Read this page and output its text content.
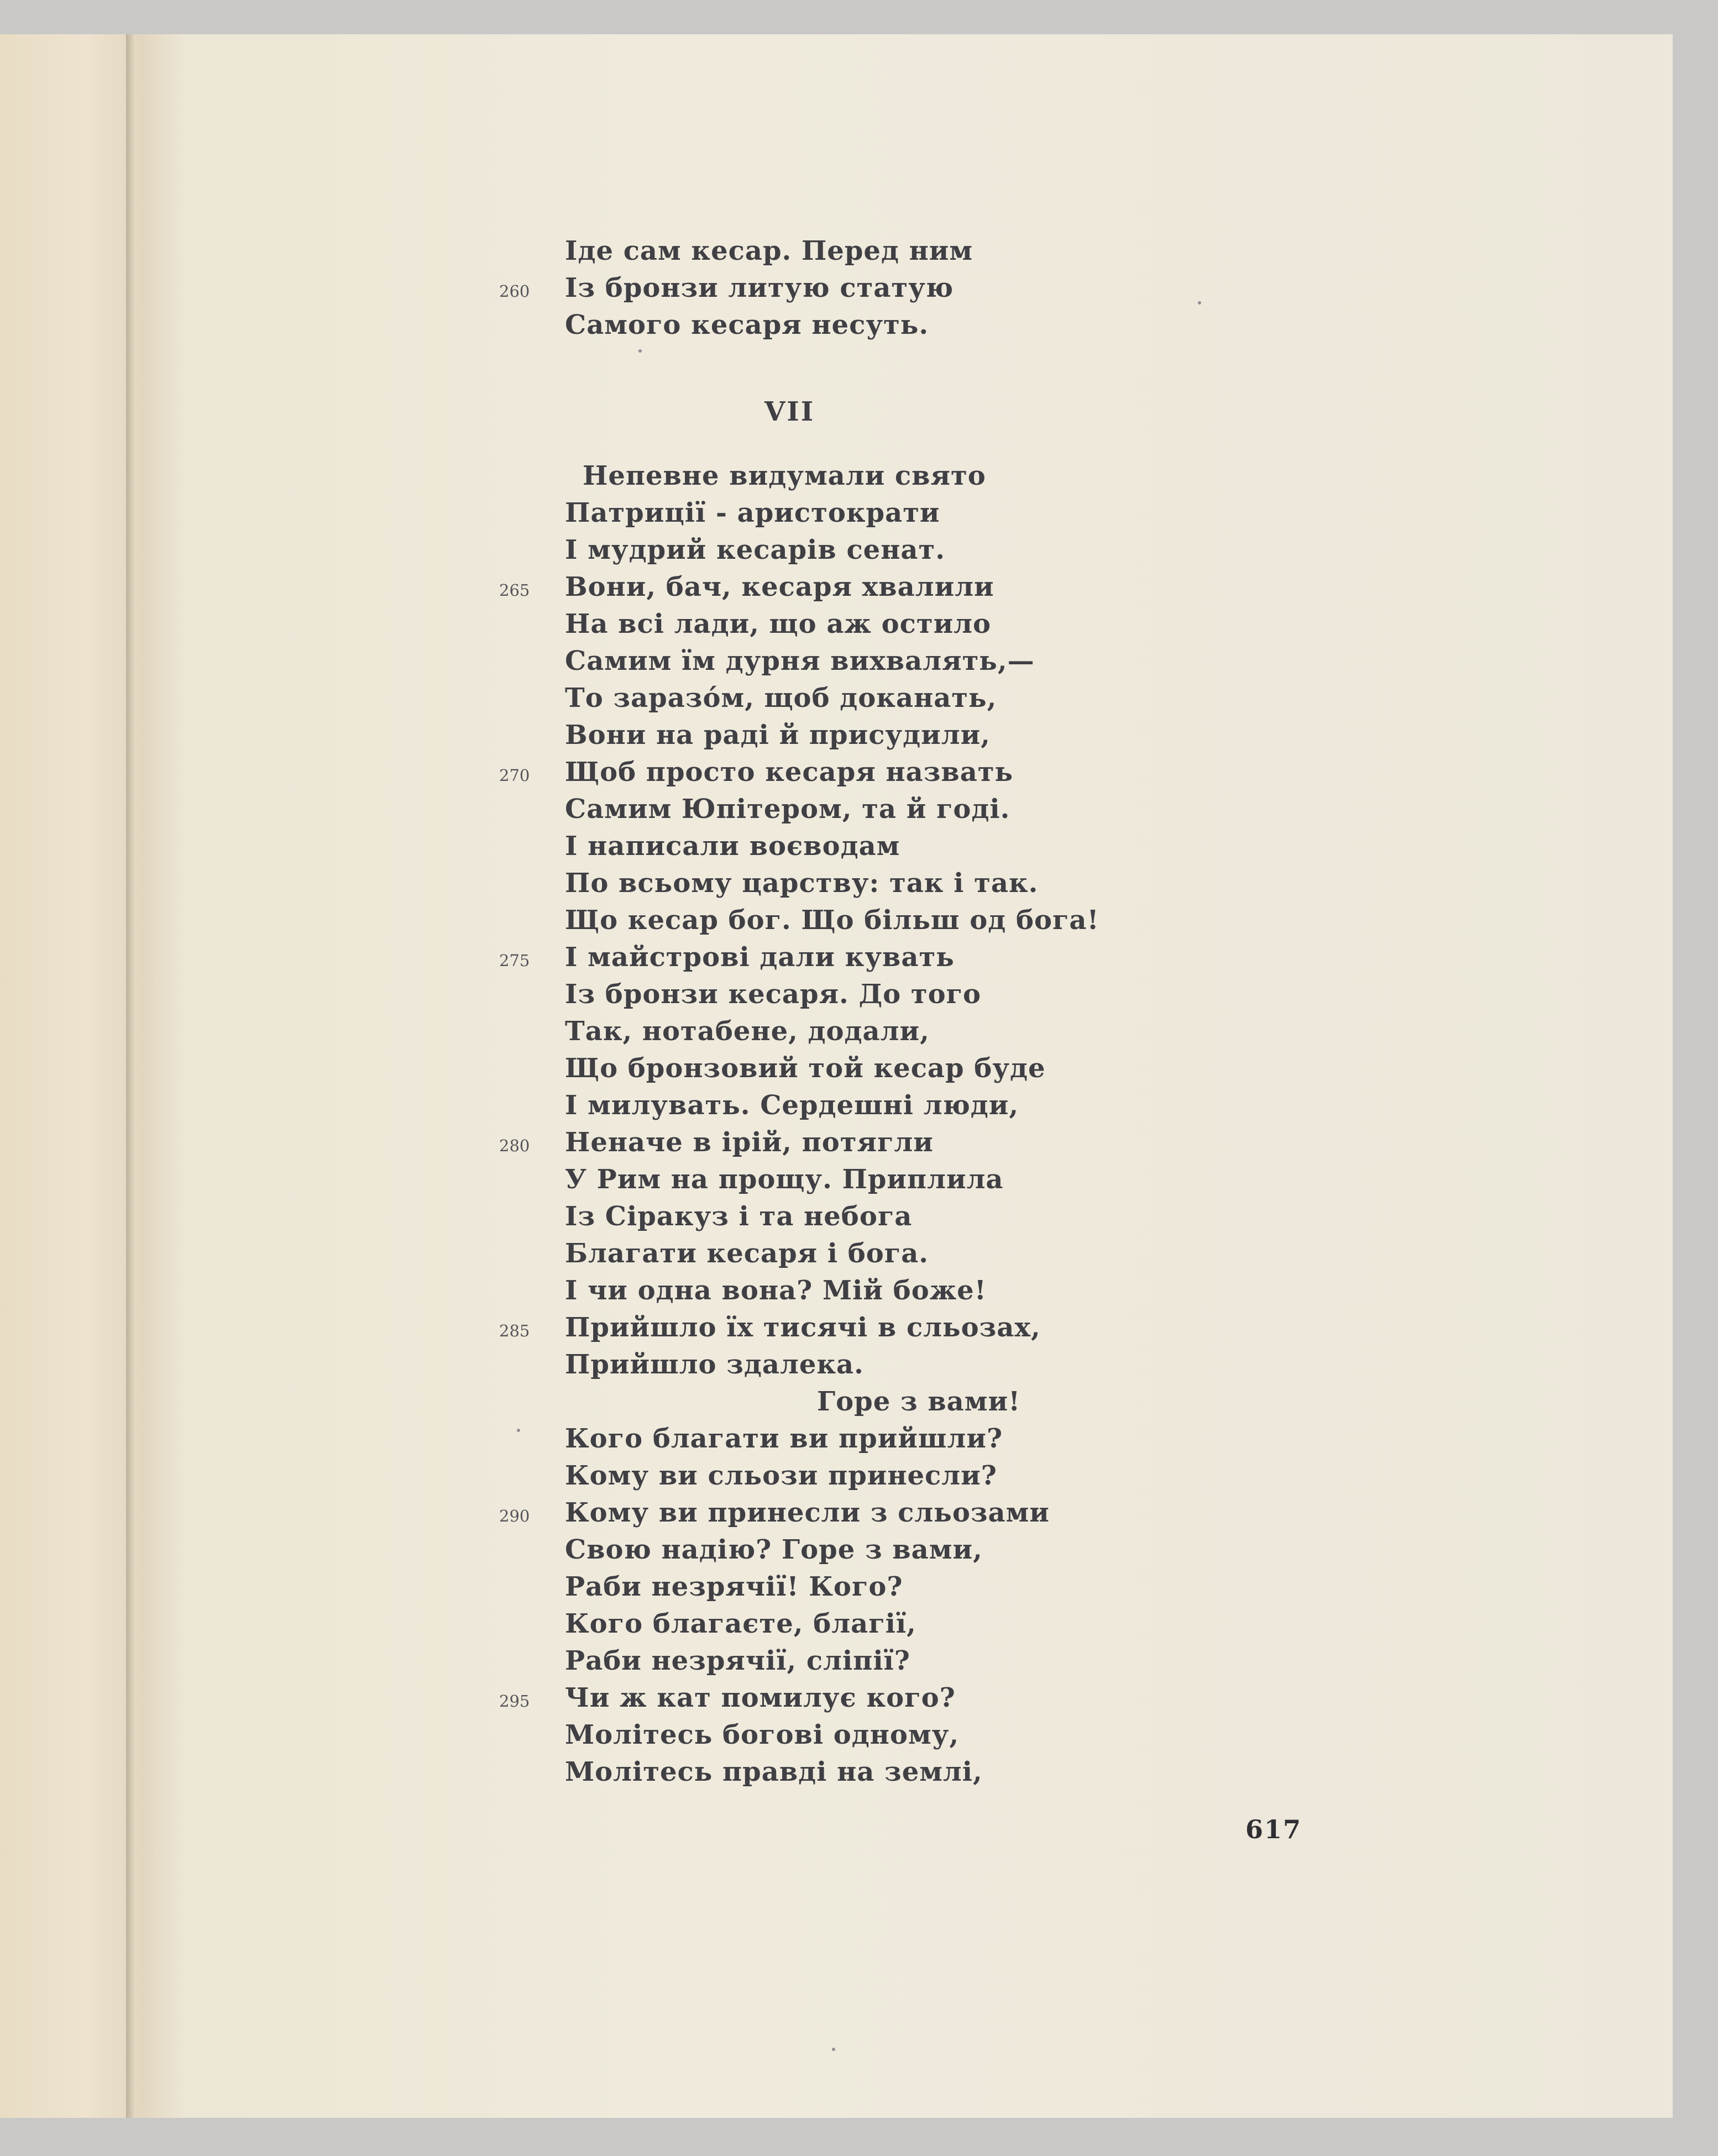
Іде сам кесар. Перед ним
260 Із бронзи литую статую
Самого кесаря несуть.
VII
Непевне видумали свято
Патриції - аристократи
І мудрий кесарів сенат.
265 Вони, бач, кесаря хвалили
На всі лади, що аж остило
Самим їм дурня вихвалять,—
То заразо́м, щоб доканать,
Вони на раді й присудили,
270 Щоб просто кесаря назвать
Самим Юпітером, та й годі.
І написали воєводам
По всьому царству: так і так.
Що кесар бог. Що більш од бога!
275 І майстрові дали кувать
Із бронзи кесаря. До того
Так, нотабене, додали,
Що бронзовий той кесар буде
І милувать. Сердешні люди,
280 Неначе в ірій, потягли
У Рим на прощу. Приплила
Із Сіракуз і та небога
Благати кесаря і бога.
І чи одна вона? Мій боже!
285 Прийшло їх тисячі в сльозах,
Прийшло здалека.
Горе з вами!
Кого благати ви прийшли?
Кому ви сльози принесли?
290 Кому ви принесли з сльозами
Свою надію? Горе з вами,
Раби незрячії! Кого?
Кого благаєте, благії,
Раби незрячії, сліпії?
295 Чи ж кат помилує кого?
Молітесь богові одному,
Молітесь правді на землі,
617
